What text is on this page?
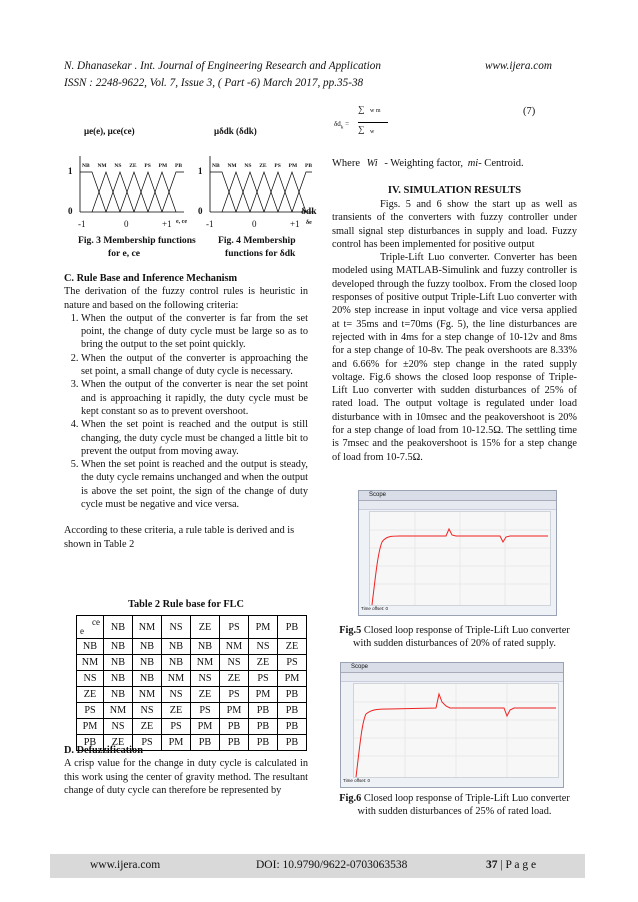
N. Dhanasekar . Int. Journal of Engineering Research and Application	www.ijera.com
ISSN : 2248-9622, Vol. 7, Issue 3, ( Part -6) March 2017, pp.35-38
μe(e), μce(ce)
1
0
NB NM NS ZE PS PM PB
-1	0	+1 e, ce
Fig. 3 Membership functions
for e, ce
μδdk (δdk)
1
0
NB NM NS ZE PS PM PB
-1	0	+1
δdk
δe
Fig. 4 Membership
functions for δdk
C. Rule Base and Inference Mechanism
The derivation of the fuzzy control rules is heuristic in nature and based on the following criteria:
1. When the output of the converter is far from the set point, the change of duty cycle must be large so as to bring the output to the set point quickly.
2. When the output of the converter is approaching the set point, a small change of duty cycle is necessary.
3. When the output of the converter is near the set point and is approaching it rapidly, the duty cycle must be kept constant so as to prevent overshoot.
4. When the set point is reached and the output is still changing, the duty cycle must be changed a little bit to prevent the output from moving away.
5. When the set point is reached and the output is steady, the duty cycle remains unchanged and when the output is above the set point, the sign of the change of duty cycle must be negative and vice versa.
According to these criteria, a rule table is derived and is shown in Table 2
Table 2 Rule base for FLC
ce
e	NB	NM	NS	ZE	PS	PM	PB
NB	NB	NB	NB	NB	NM	NS	ZE
NM	NB	NB	NB	NM	NS	ZE	PS
NS	NB	NB	NM	NS	ZE	PS	PM
ZE	NB	NM	NS	ZE	PS	PM	PB
PS	NM	NS	ZE	PS	PM	PB	PB
PM	NS	ZE	PS	PM	PB	PB	PB
PB	ZE	PS	PM	PB	PB	PB	PB
D. Defuzzification
A crisp value for the change in duty cycle is calculated in this work using the center of gravity method. The resultant change of duty cycle can therefore be represented by
$\delta d_k$ =
∑ w m
∑ w
(7)
Where Wi - Weighting factor, mi- Centroid.
IV. SIMULATION RESULTS
Figs. 5 and 6 show the start up as well as transients of the converters with fuzzy controller under small signal step disturbances in supply and load. Fuzzy control has been implemented for positive output
Triple-Lift Luo converter. Converter has been modeled using MATLAB-Simulink and fuzzy controller is developed through the fuzzy toolbox. From the closed loop responses of positive output Triple-Lift Luo converter with 20% step increase in input voltage and vice versa applied at t= 35ms and t=70ms (Fg. 5), the line disturbances are rejected with in 4ms for a step change of 10-12v and 8ms for a step change of 10-8v. The peak overshoots are 8.33% and 6.66% for ±20% step change in the rated supply voltage. Fig.6 shows the closed loop response of Triple-Lift Luo converter with sudden disturbances of 25% of rated load. The output voltage is regulated under load disturbance with in 10msec and the peakovershoot is 20% for a step change of load from 10-12.5Ω. The settling time is 7msec and the peakovershoot is 15% for a step change of load from 10-7.5Ω.
Scope
Time offset: 0
Fig.5 Closed loop response of Triple-Lift Luo converter with sudden disturbances of 20% of rated supply.
Scope
Time offset: 0
Fig.6 Closed loop response of Triple-Lift Luo converter with sudden disturbances of 25% of rated load.
www.ijera.com	DOI: 10.9790/9622-0703063538	37 | P a g e
